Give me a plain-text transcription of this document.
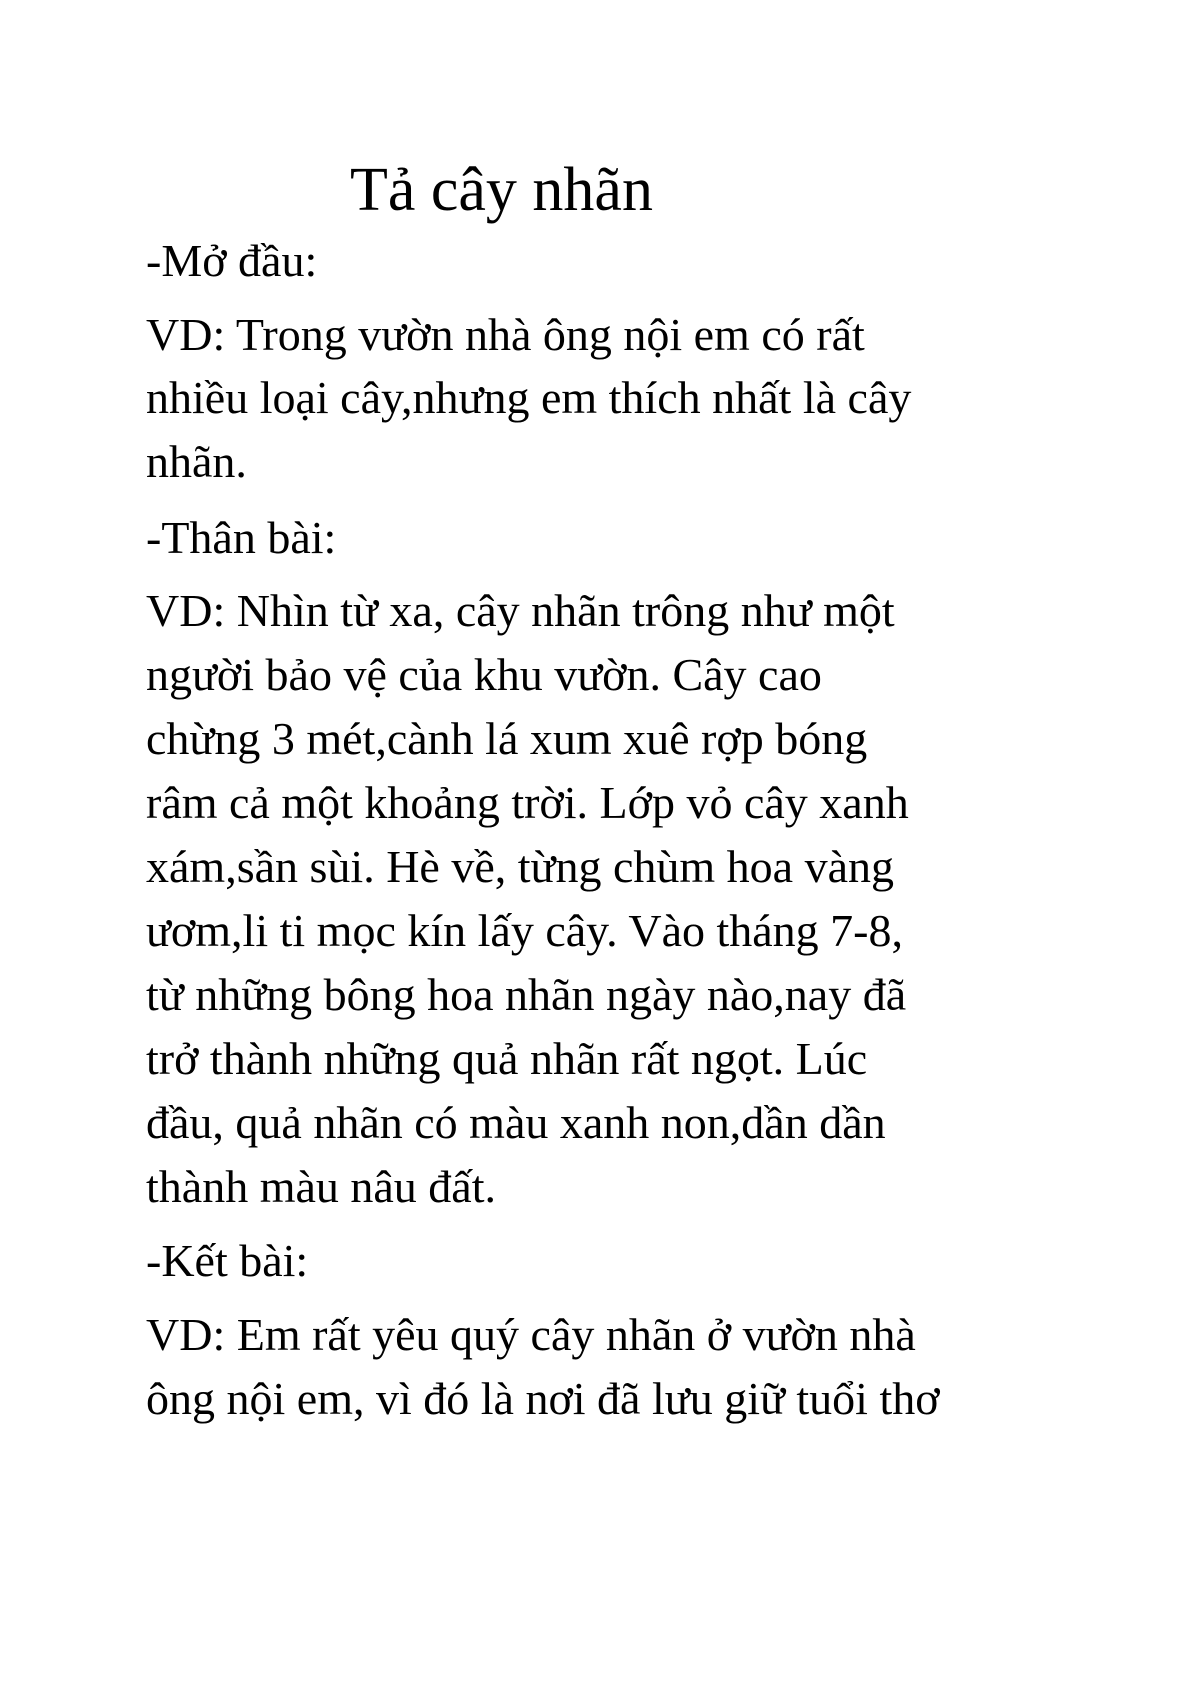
Tả cây nhãn

-Mở đầu:

VD: Trong vườn nhà ông nội em có rất

nhiều loại cây,nhưng em thích nhất là cây

nhãn.

-Thân bài:

VD: Nhìn từ xa, cây nhãn trông như một

người bảo vệ của khu vườn. Cây cao

chừng 3 mét,cành lá xum xuê rợp bóng

râm cả một khoảng trời. Lớp vỏ cây xanh

xám,sần sùi. Hè về, từng chùm hoa vàng

ươm,li ti mọc kín lấy cây. Vào tháng 7-8,

từ những bông hoa nhãn ngày nào,nay đã

trở thành những quả nhãn rất ngọt. Lúc

đầu, quả nhãn có màu xanh non,dần dần

thành màu nâu đất.

-Kết bài:

VD: Em rất yêu quý cây nhãn ở vườn nhà

ông nội em, vì đó là nơi đã lưu giữ tuổi thơ
